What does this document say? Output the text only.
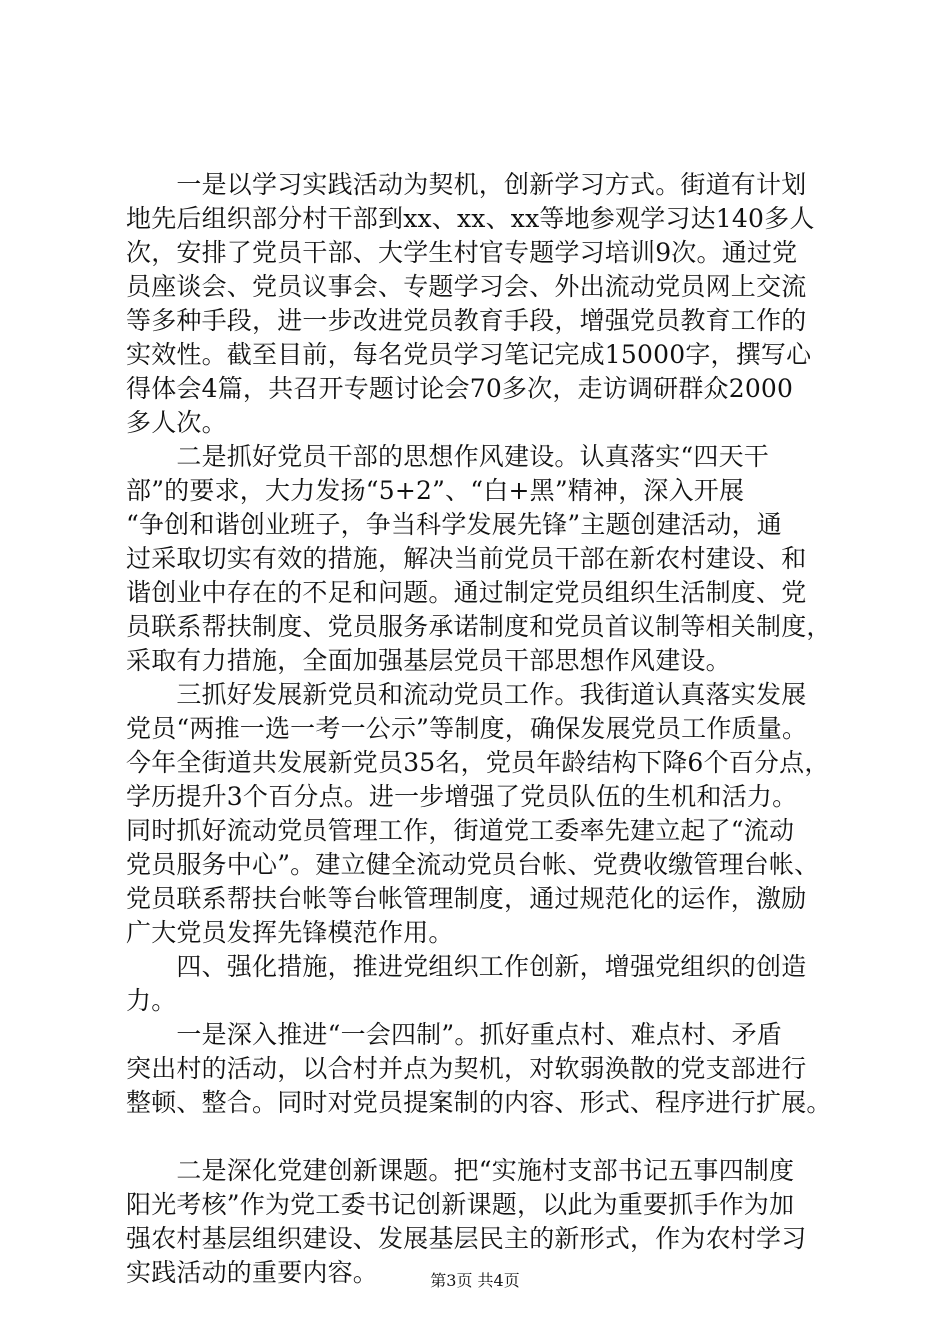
　　一是以学习实践活动为契机，创新学习方式。街道有计划
地先后组织部分村干部到xx、xx、xx等地参观学习达140多人
次，安排了党员干部、大学生村官专题学习培训9次。通过党
员座谈会、党员议事会、专题学习会、外出流动党员网上交流
等多种手段，进一步改进党员教育手段，增强党员教育工作的
实效性。截至目前，每名党员学习笔记完成15000字，撰写心
得体会4篇，共召开专题讨论会70多次，走访调研群众2000
多人次。
　　二是抓好党员干部的思想作风建设。认真落实“四天干
部”的要求，大力发扬“5+2”、“白+黑”精神，深入开展
“争创和谐创业班子，争当科学发展先锋”主题创建活动，通
过采取切实有效的措施，解决当前党员干部在新农村建设、和
谐创业中存在的不足和问题。通过制定党员组织生活制度、党
员联系帮扶制度、党员服务承诺制度和党员首议制等相关制度，
采取有力措施，全面加强基层党员干部思想作风建设。
　　三抓好发展新党员和流动党员工作。我街道认真落实发展
党员“两推一选一考一公示”等制度，确保发展党员工作质量。
今年全街道共发展新党员35名，党员年龄结构下降6个百分点，
学历提升3个百分点。进一步增强了党员队伍的生机和活力。
同时抓好流动党员管理工作，街道党工委率先建立起了“流动
党员服务中心”。建立健全流动党员台帐、党费收缴管理台帐、
党员联系帮扶台帐等台帐管理制度，通过规范化的运作，激励
广大党员发挥先锋模范作用。
　　四、强化措施，推进党组织工作创新，增强党组织的创造
力。
　　一是深入推进“一会四制”。抓好重点村、难点村、矛盾
突出村的活动，以合村并点为契机，对软弱涣散的党支部进行
整顿、整合。同时对党员提案制的内容、形式、程序进行扩展。
　　二是深化党建创新课题。把“实施村支部书记五事四制度
阳光考核”作为党工委书记创新课题，以此为重要抓手作为加
强农村基层组织建设、发展基层民主的新形式，作为农村学习
实践活动的重要内容。	第3页 共4页
